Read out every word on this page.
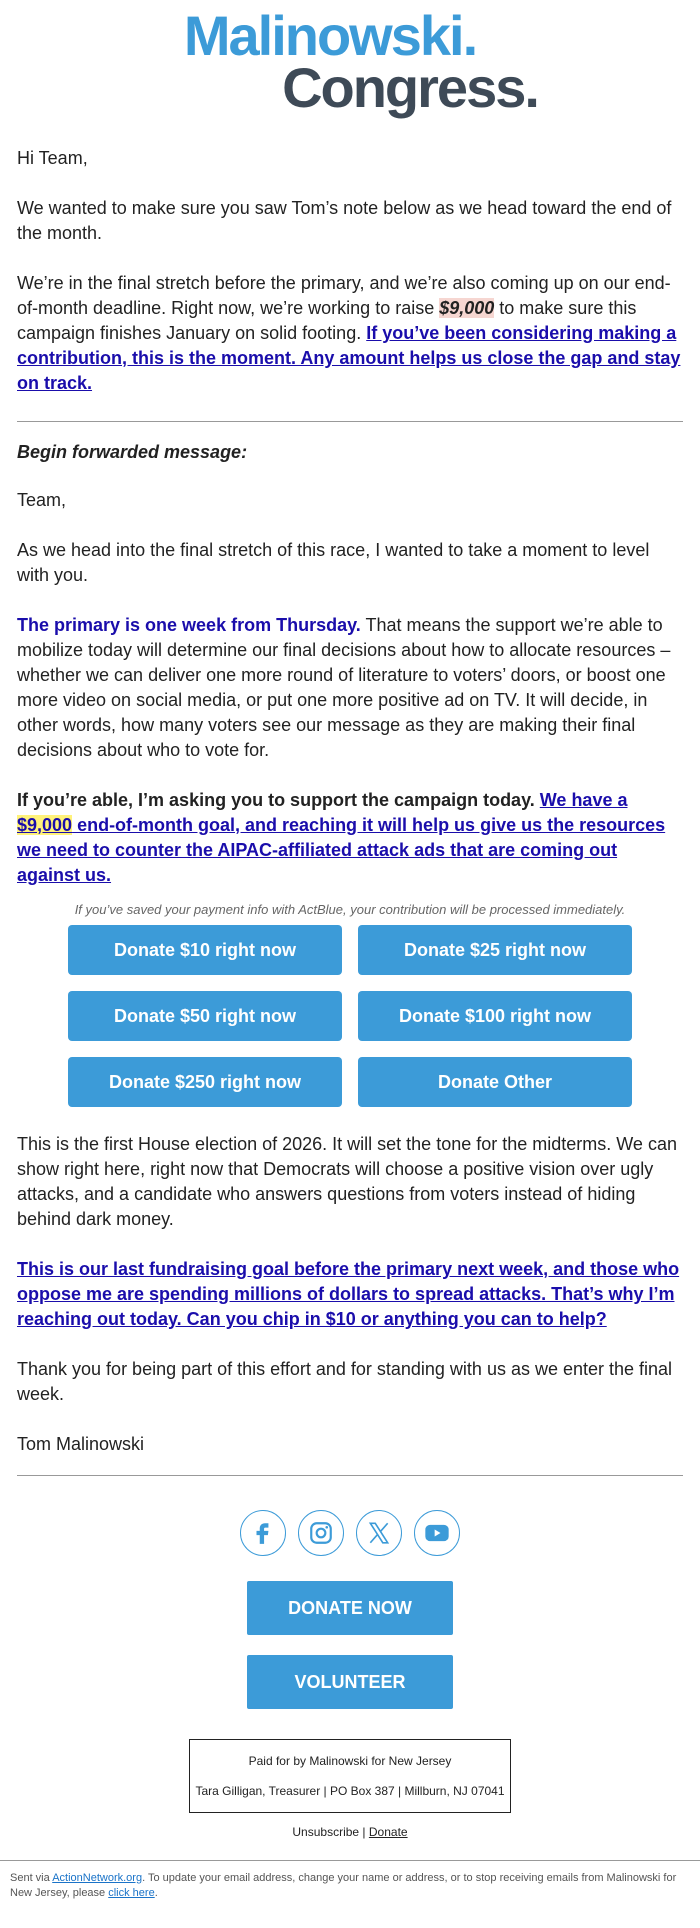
Malinowski.
Congress.

Hi Team,

We wanted to make sure you saw Tom’s note below as we head toward the end of the month.

We’re in the final stretch before the primary, and we’re also coming up on our end-of-month deadline. Right now, we’re working to raise $9,000 to make sure this campaign finishes January on solid footing. If you’ve been considering making a contribution, this is the moment. Any amount helps us close the gap and stay on track.

Begin forwarded message:

Team,

As we head into the final stretch of this race, I wanted to take a moment to level with you.

The primary is one week from Thursday. That means the support we’re able to mobilize today will determine our final decisions about how to allocate resources – whether we can deliver one more round of literature to voters’ doors, or boost one more video on social media, or put one more positive ad on TV. It will decide, in other words, how many voters see our message as they are making their final decisions about who to vote for.

If you’re able, I’m asking you to support the campaign today. We have a $9,000 end-of-month goal, and reaching it will help us give us the resources we need to counter the AIPAC-affiliated attack ads that are coming out against us.

If you’ve saved your payment info with ActBlue, your contribution will be processed immediately.
Donate $10 right now	Donate $25 right now
Donate $50 right now	Donate $100 right now
Donate $250 right now	Donate Other

This is the first House election of 2026. It will set the tone for the midterms. We can show right here, right now that Democrats will choose a positive vision over ugly attacks, and a candidate who answers questions from voters instead of hiding behind dark money.

This is our last fundraising goal before the primary next week, and those who oppose me are spending millions of dollars to spread attacks. That’s why I’m reaching out today. Can you chip in $10 or anything you can to help?

Thank you for being part of this effort and for standing with us as we enter the final week.

Tom Malinowski

DONATE NOW
VOLUNTEER
Paid for by Malinowski for New Jersey
Tara Gilligan, Treasurer | PO Box 387 | Millburn, NJ 07041
Unsubscribe | Donate
Sent via ActionNetwork.org. To update your email address, change your name or address, or to stop receiving emails from Malinowski for New Jersey, please click here.
